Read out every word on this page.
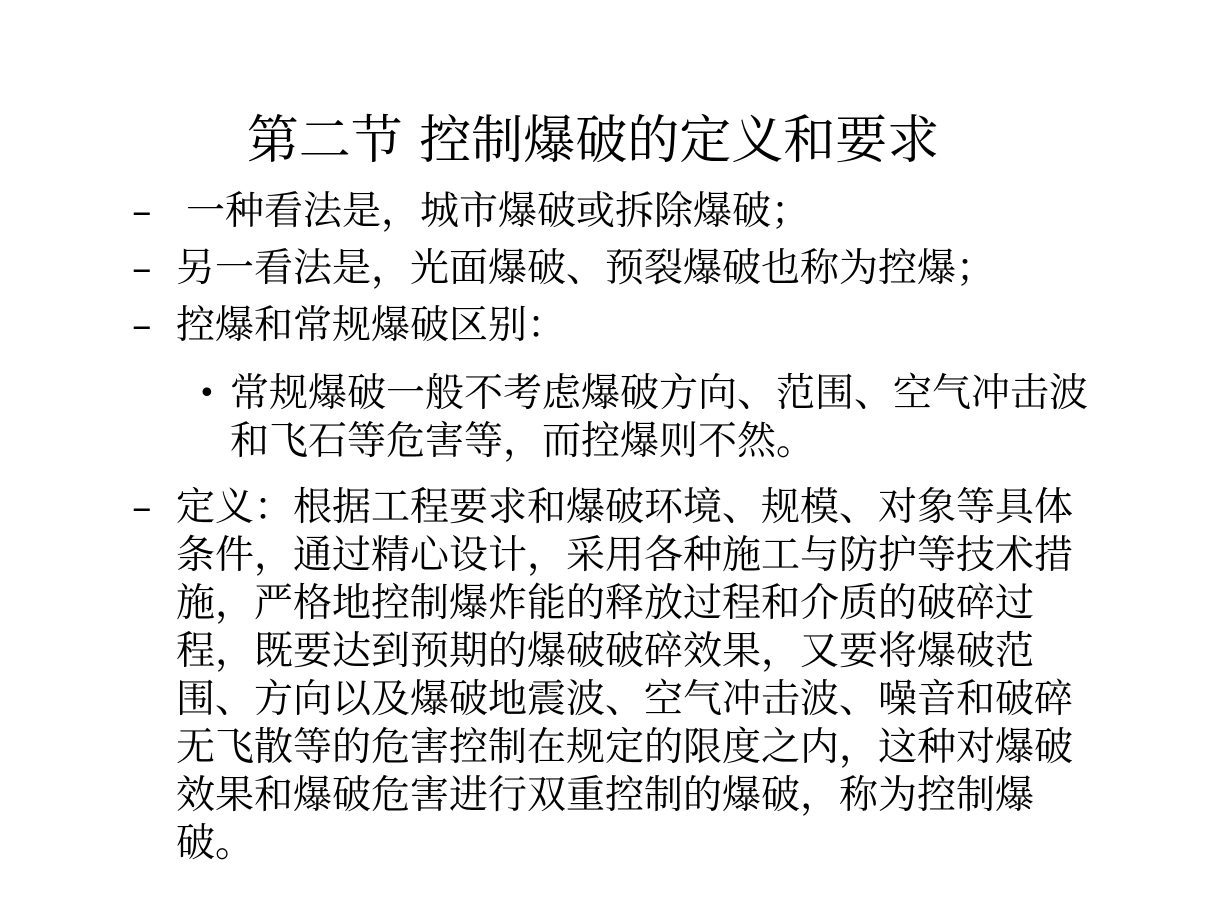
第二节 控制爆破的定义和要求
– 一种看法是，城市爆破或拆除爆破；
– 另一看法是，光面爆破、预裂爆破也称为控爆；
– 控爆和常规爆破区别：
• 常规爆破一般不考虑爆破方向、范围、空气冲击波和飞石等危害等，而控爆则不然。
– 定义：根据工程要求和爆破环境、规模、对象等具体条件，通过精心设计，采用各种施工与防护等技术措施，严格地控制爆炸能的释放过程和介质的破碎过程，既要达到预期的爆破破碎效果，又要将爆破范围、方向以及爆破地震波、空气冲击波、噪音和破碎无飞散等的危害控制在规定的限度之内，这种对爆破效果和爆破危害进行双重控制的爆破，称为控制爆破。
